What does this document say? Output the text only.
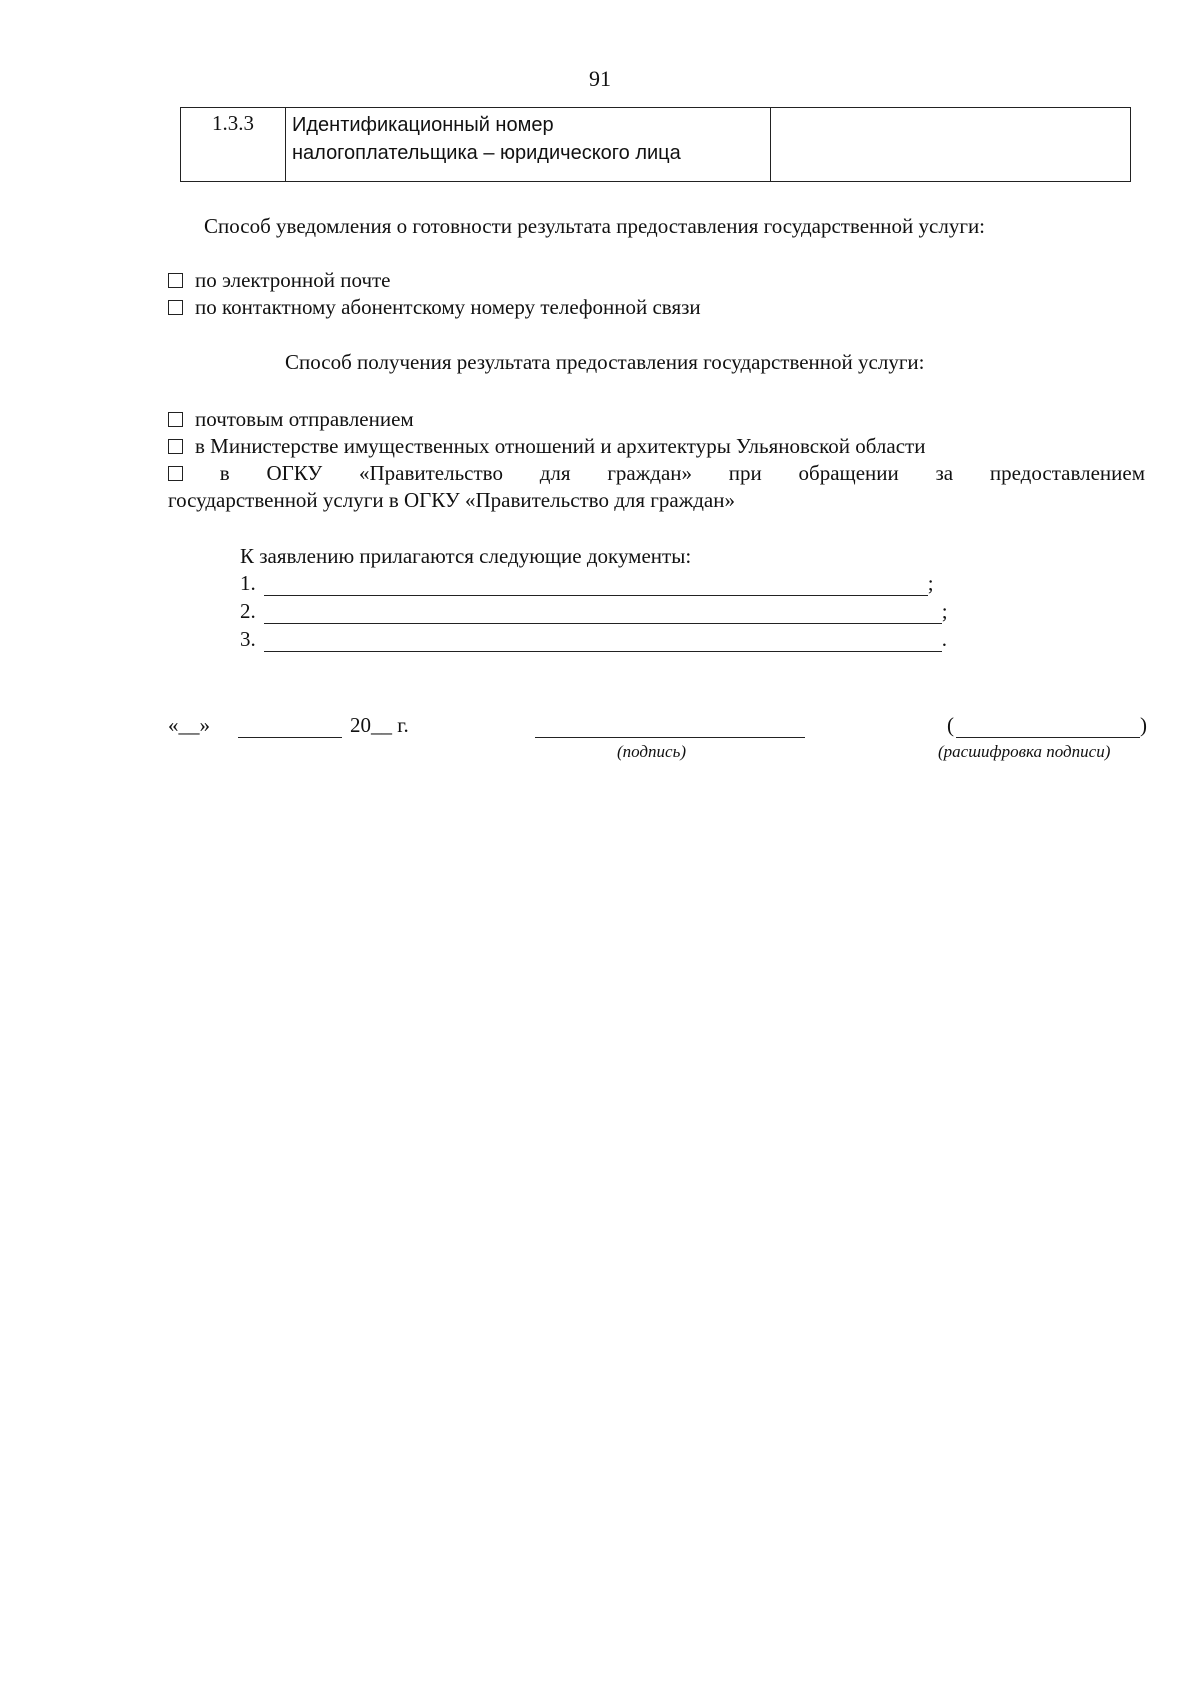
91
1.3.3	Идентификационный номер
налогоплательщика – юридического лица

Способ уведомления о готовности результата предоставления государственной услуги:
по электронной почте
по контактному абонентскому номеру телефонной связи
Способ получения результата предоставления государственной услуги:
почтовым отправлением
в Министерстве имущественных отношений и архитектуры Ульяновской области
в ОГКУ «Правительство для граждан» при обращении за предоставлением
государственной услуги в ОГКУ «Правительство для граждан»
К заявлению прилагаются следующие документы:
1.	;
2.	;
3.	.
«__»	20__ г.
(подпись)
(	)
(расшифровка подписи)
